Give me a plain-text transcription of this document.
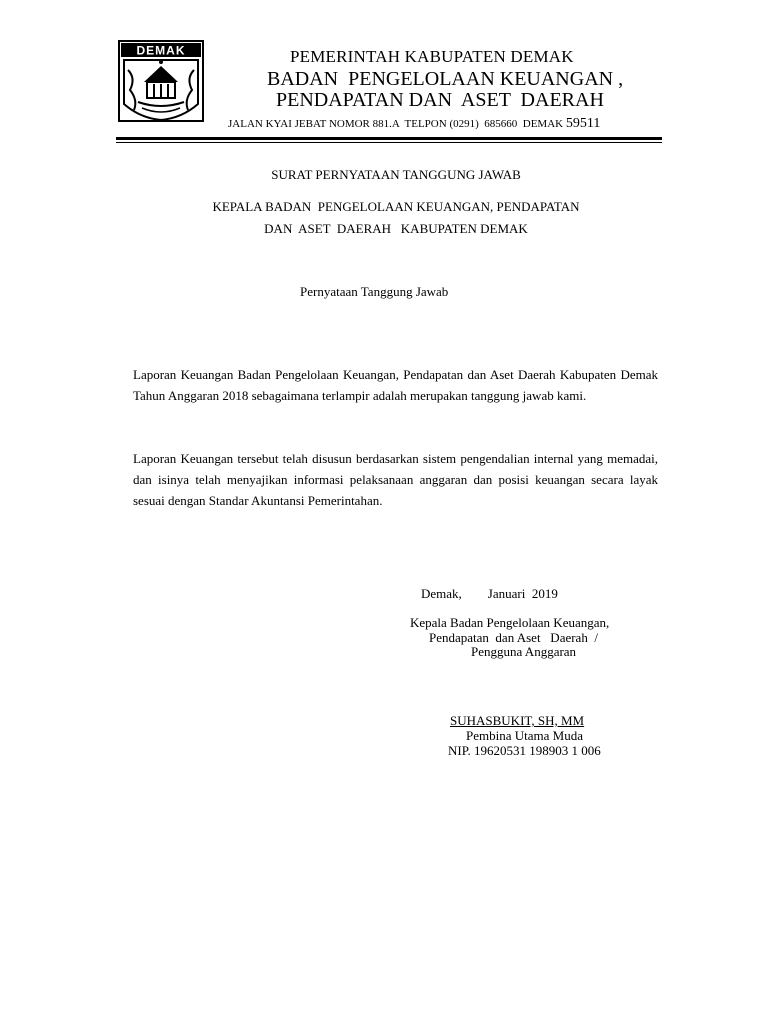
DEMAK	PEMERINTAH KABUPATEN DEMAK
BADAN  PENGELOLAAN KEUANGAN ,
PENDAPATAN DAN  ASET  DAERAH
JALAN KYAI JEBAT NOMOR 881.A  TELPON (0291)  685660  DEMAK 59511
SURAT PERNYATAAN TANGGUNG JAWAB
KEPALA BADAN  PENGELOLAAN KEUANGAN, PENDAPATAN
DAN  ASET  DAERAH   KABUPATEN DEMAK
Pernyataan Tanggung Jawab
Laporan Keuangan Badan Pengelolaan Keuangan, Pendapatan dan Aset Daerah Kabupaten Demak Tahun Anggaran 2018 sebagaimana terlampir adalah merupakan tanggung jawab kami.
Laporan Keuangan tersebut telah disusun berdasarkan sistem pengendalian internal yang memadai, dan isinya telah menyajikan informasi pelaksanaan anggaran dan posisi keuangan secara layak sesuai dengan Standar Akuntansi Pemerintahan.
Demak,        Januari  2019
Kepala Badan Pengelolaan Keuangan,
Pendapatan  dan Aset   Daerah  /
Pengguna Anggaran
SUHASBUKIT, SH, MM
Pembina Utama Muda
NIP. 19620531 198903 1 006
